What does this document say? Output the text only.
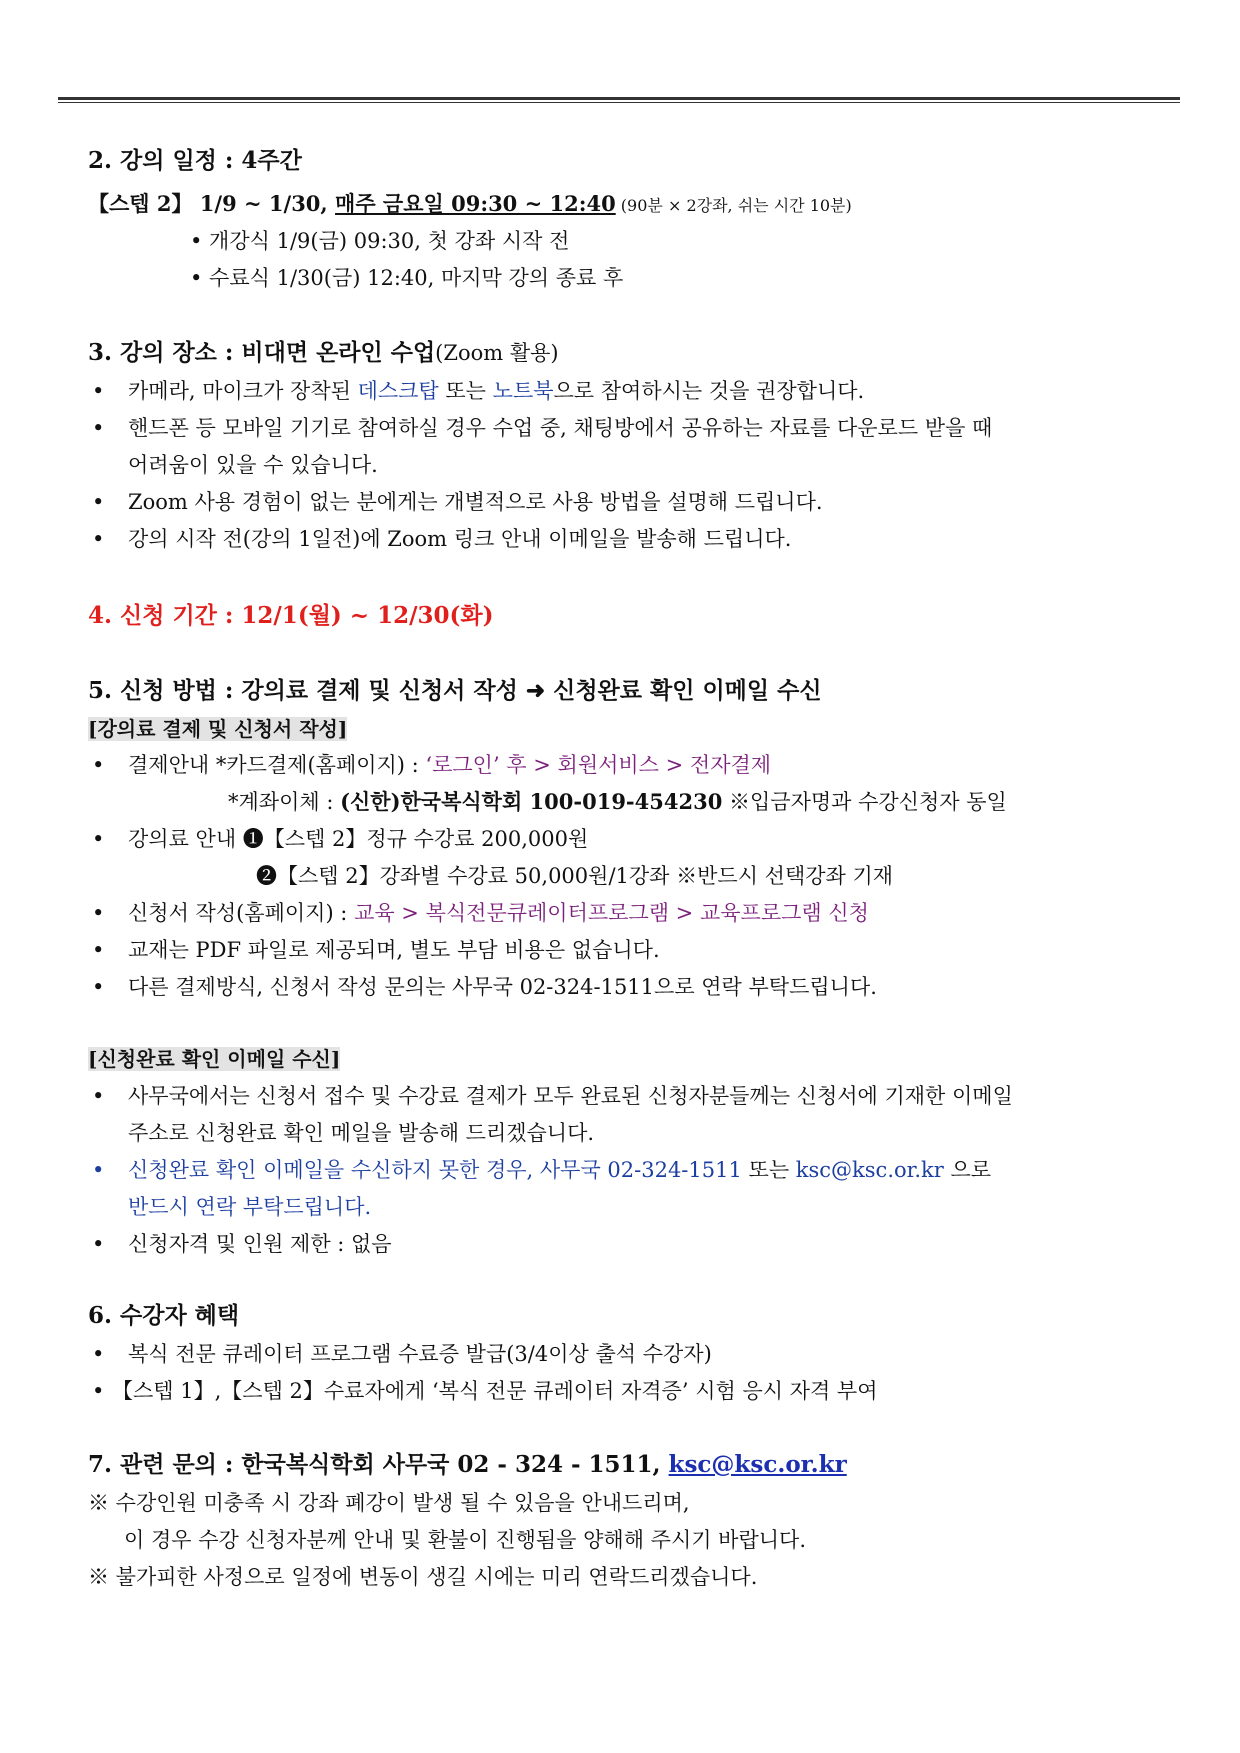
2. 강의 일정 : 4주간
【스텝 2】 1/9 ~ 1/30, 매주 금요일 09:30 ~ 12:40 (90분 × 2강좌, 쉬는 시간 10분)
• 개강식 1/9(금) 09:30, 첫 강좌 시작 전
• 수료식 1/30(금) 12:40, 마지막 강의 종료 후
3. 강의 장소 : 비대면 온라인 수업(Zoom 활용)
• 카메라, 마이크가 장착된 데스크탑 또는 노트북으로 참여하시는 것을 권장합니다.
• 핸드폰 등 모바일 기기로 참여하실 경우 수업 중, 채팅방에서 공유하는 자료를 다운로드 받을 때
어려움이 있을 수 있습니다.
• Zoom 사용 경험이 없는 분에게는 개별적으로 사용 방법을 설명해 드립니다.
• 강의 시작 전(강의 1일전)에 Zoom 링크 안내 이메일을 발송해 드립니다.
4. 신청 기간 : 12/1(월) ~ 12/30(화)
5. 신청 방법 : 강의료 결제 및 신청서 작성 ➜ 신청완료 확인 이메일 수신
[강의료 결제 및 신청서 작성]
• 결제안내 *카드결제(홈페이지) : ‘로그인’ 후 > 회원서비스 > 전자결제
*계좌이체 : (신한)한국복식학회 100-019-454230 ※입금자명과 수강신청자 동일
• 강의료 안내 ❶【스텝 2】정규 수강료 200,000원
❷【스텝 2】강좌별 수강료 50,000원/1강좌 ※반드시 선택강좌 기재
• 신청서 작성(홈페이지) : 교육 > 복식전문큐레이터프로그램 > 교육프로그램 신청
• 교재는 PDF 파일로 제공되며, 별도 부담 비용은 없습니다.
• 다른 결제방식, 신청서 작성 문의는 사무국 02-324-1511으로 연락 부탁드립니다.
[신청완료 확인 이메일 수신]
• 사무국에서는 신청서 접수 및 수강료 결제가 모두 완료된 신청자분들께는 신청서에 기재한 이메일
주소로 신청완료 확인 메일을 발송해 드리겠습니다.
• 신청완료 확인 이메일을 수신하지 못한 경우, 사무국 02-324-1511 또는 ksc@ksc.or.kr 으로
반드시 연락 부탁드립니다.
• 신청자격 및 인원 제한 : 없음
6. 수강자 혜택
• 복식 전문 큐레이터 프로그램 수료증 발급(3/4이상 출석 수강자)
• 【스텝 1】,【스텝 2】수료자에게 ‘복식 전문 큐레이터 자격증’ 시험 응시 자격 부여
7. 관련 문의 : 한국복식학회 사무국 02 - 324 - 1511, ksc@ksc.or.kr
※ 수강인원 미충족 시 강좌 폐강이 발생 될 수 있음을 안내드리며,
이 경우 수강 신청자분께 안내 및 환불이 진행됨을 양해해 주시기 바랍니다.
※ 불가피한 사정으로 일정에 변동이 생길 시에는 미리 연락드리겠습니다.
